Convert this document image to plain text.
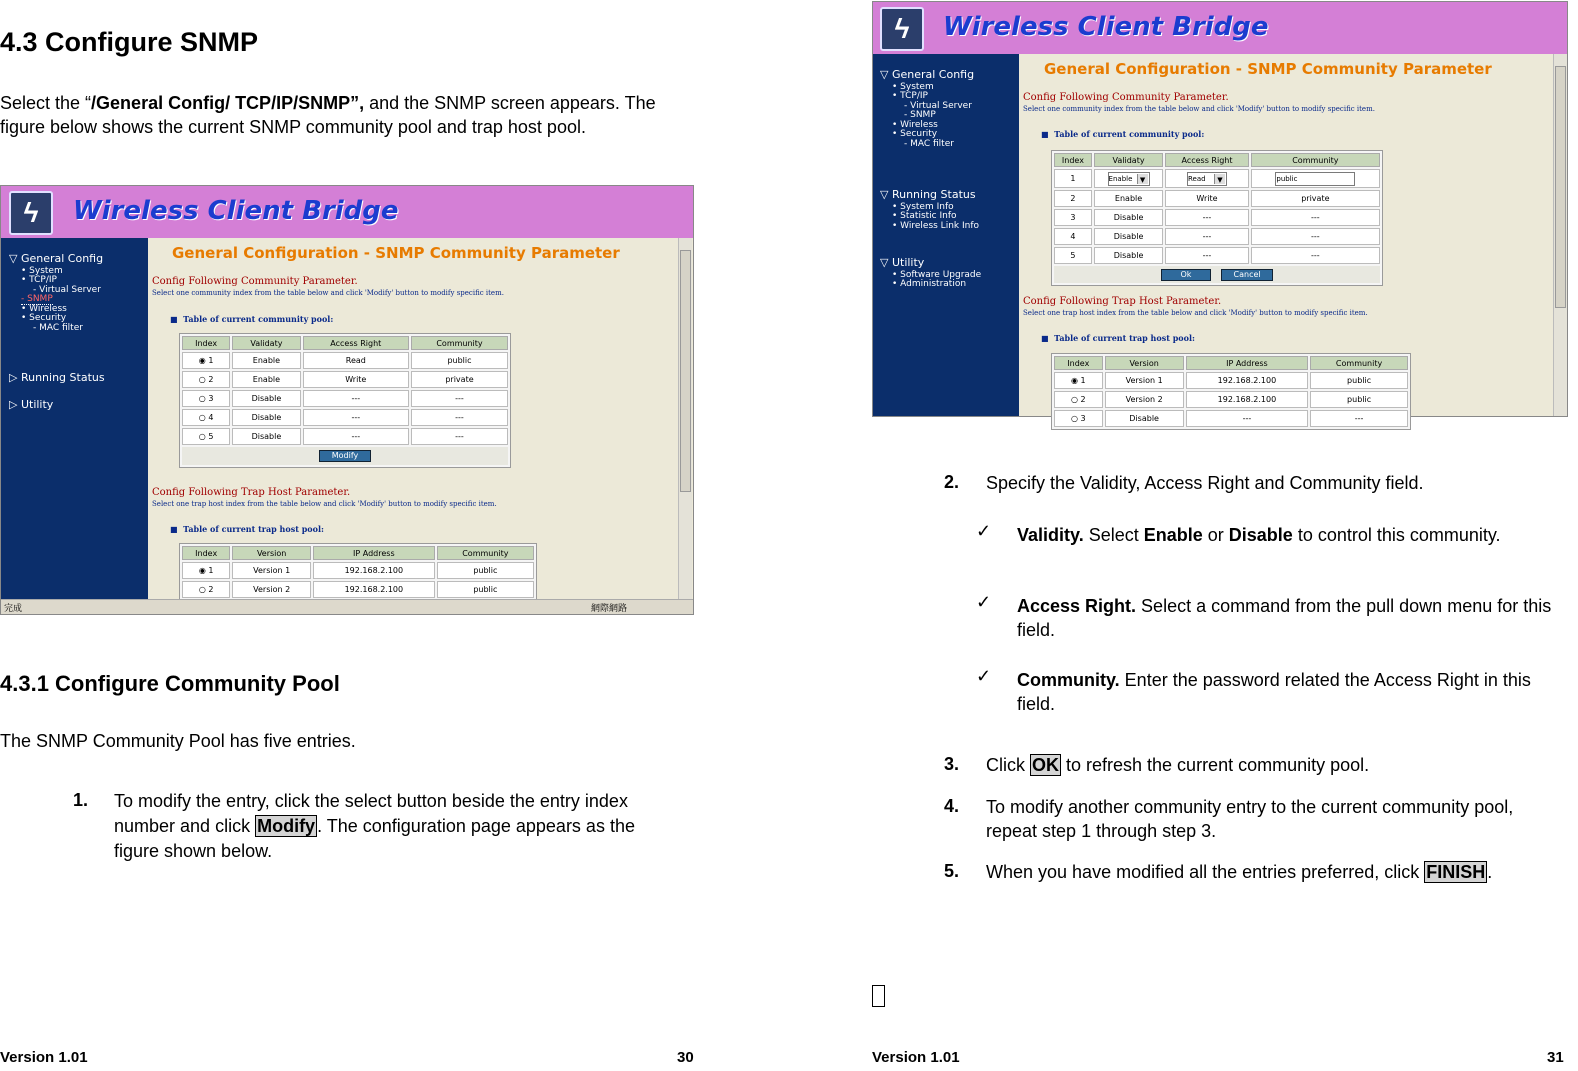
4.3 Configure SNMP
Select the “/General Config/ TCP/IP/SNMP”, and the SNMP screen appears. The figure below shows the current SNMP community pool and trap host pool.
ϟ	Wireless Client Bridge
▽ General Config
• System
• TCP/IP
- Virtual Server
- SNMP
• Wireless
• Security
- MAC filter
▷ Running Status
▷ Utility
General Configuration - SNMP Community Parameter
Config Following Community Parameter.
Select one community index from the table below and click 'Modify' button to modify specific item.
■  Table of current community pool:
Index	Validaty	Access Right	Community
◉ 1	Enable	Read	public
○ 2	Enable	Write	private
○ 3	Disable	---	---
○ 4	Disable	---	---
○ 5	Disable	---	---
Modify			
Config Following Trap Host Parameter.
Select one trap host index from the table below and click 'Modify' button to modify specific item.
■  Table of current trap host pool:
Index	Version	IP Address	Community
◉ 1	Version 1	192.168.2.100	public
○ 2	Version 2	192.168.2.100	public
完成	網際網路
4.3.1 Configure Community Pool
The SNMP Community Pool has five entries.
1. To modify the entry, click the select button beside the entry index number and click Modify . The configuration page appears as the figure shown below.
Version 1.01	30
ϟ	Wireless Client Bridge
▽ General Config
• System
• TCP/IP
- Virtual Server
- SNMP
• Wireless
• Security
- MAC filter
▽ Running Status
• System Info
• Statistic Info
• Wireless Link Info
▽ Utility
• Software Upgrade
• Administration
General Configuration - SNMP Community Parameter
Config Following Community Parameter.
Select one community index from the table below and click 'Modify' button to modify specific item.
■  Table of current community pool:
Index	Validaty	Access Right	Community
1	Enable ▼	Read ▼	public
2	Enable	Write	private
3	Disable	---	---
4	Disable	---	---
5	Disable	---	---
Ok Cancel			
Config Following Trap Host Parameter.
Select one trap host index from the table below and click 'Modify' button to modify specific item.
■  Table of current trap host pool:
Index	Version	IP Address	Community
◉ 1	Version 1	192.168.2.100	public
○ 2	Version 2	192.168.2.100	public
○ 3	Disable	---	---
2. Specify the Validity, Access Right and Community field.
✓ Validity. Select Enable or Disable to control this community.
✓ Access Right. Select a command from the pull down menu for this field.
✓ Community. Enter the password related the Access Right in this field.
3. Click OK to refresh the current community pool.
4. To modify another community entry to the current community pool, repeat step 1 through step 3.
5. When you have modified all the entries preferred, click FINISH .
Version 1.01	31
